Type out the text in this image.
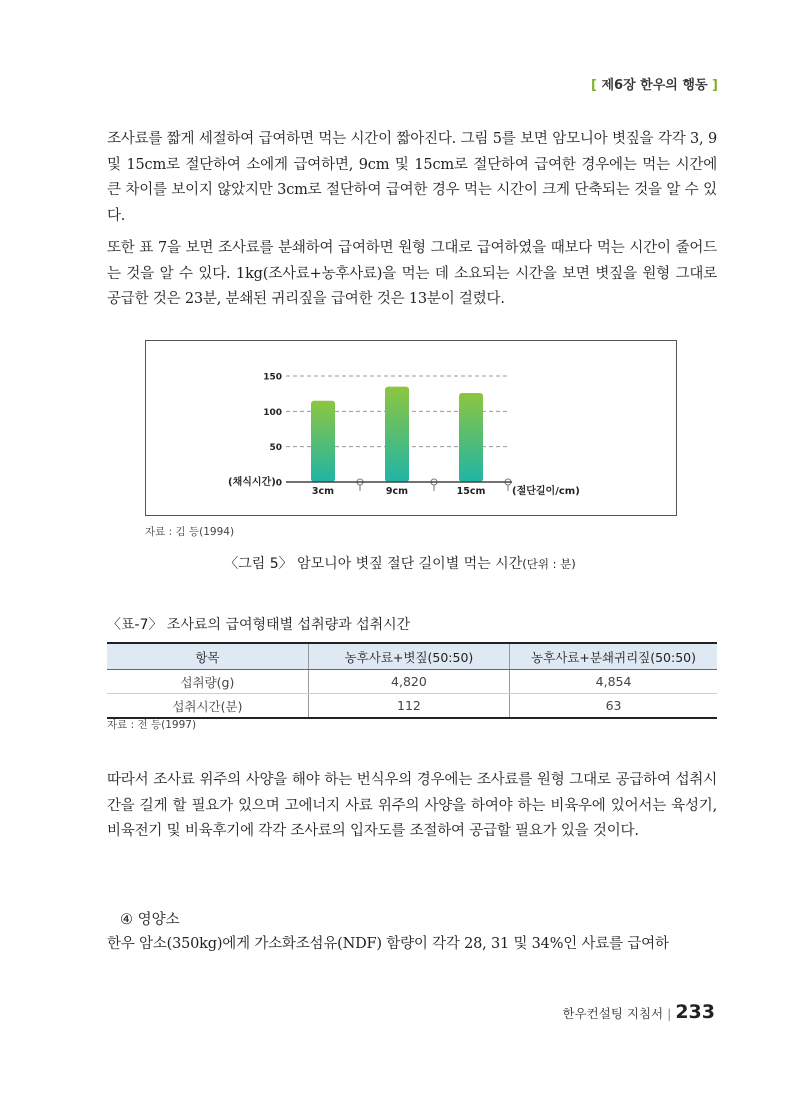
[ 제6장 한우의 행동 ]

조사료를 짧게 세절하여 급여하면 먹는 시간이 짧아진다. 그림 5를 보면 암모니아 볏짚을 각각 3, 9 및 15cm로 절단하여 소에게 급여하면, 9cm 및 15cm로 절단하여 급여한 경우에는 먹는 시간에 큰 차이를 보이지 않았지만 3cm로 절단하여 급여한 경우 먹는 시간이 크게 단축되는 것을 알 수 있다.

또한 표 7을 보면 조사료를 분쇄하여 급여하면 원형 그대로 급여하였을 때보다 먹는 시간이 줄어드는 것을 알 수 있다. 1kg(조사료+농후사료)을 먹는 데 소요되는 시간을 보면 볏짚을 원형 그대로 공급한 것은 23분, 분쇄된 귀리짚을 급여한 것은 13분이 걸렸다.

0
50
100
150
3cm	9cm	15cm
(채식시간)
(절단길이/cm)
자료 : 김 등(1994)
〈그림 5〉 암모니아 볏짚 절단 길이별 먹는 시간(단위 : 분)
〈표-7〉 조사료의 급여형태별 섭취량과 섭취시간
항목	농후사료+볏짚(50:50)	농후사료+분쇄귀리짚(50:50)
섭취량(g)	4,820	4,854
섭취시간(분)	112	63
자료 : 전 등(1997)

따라서 조사료 위주의 사양을 해야 하는 번식우의 경우에는 조사료를 원형 그대로 공급하여 섭취시간을 길게 할 필요가 있으며 고에너지 사료 위주의 사양을 하여야 하는 비육우에 있어서는 육성기, 비육전기 및 비육후기에 각각 조사료의 입자도를 조절하여 공급할 필요가 있을 것이다.

④ 영양소

한우 암소(350kg)에게 가소화조섬유(NDF) 함량이 각각 28, 31 및 34%인 사료를 급여하

한우컨설팅 지침서 | 233
